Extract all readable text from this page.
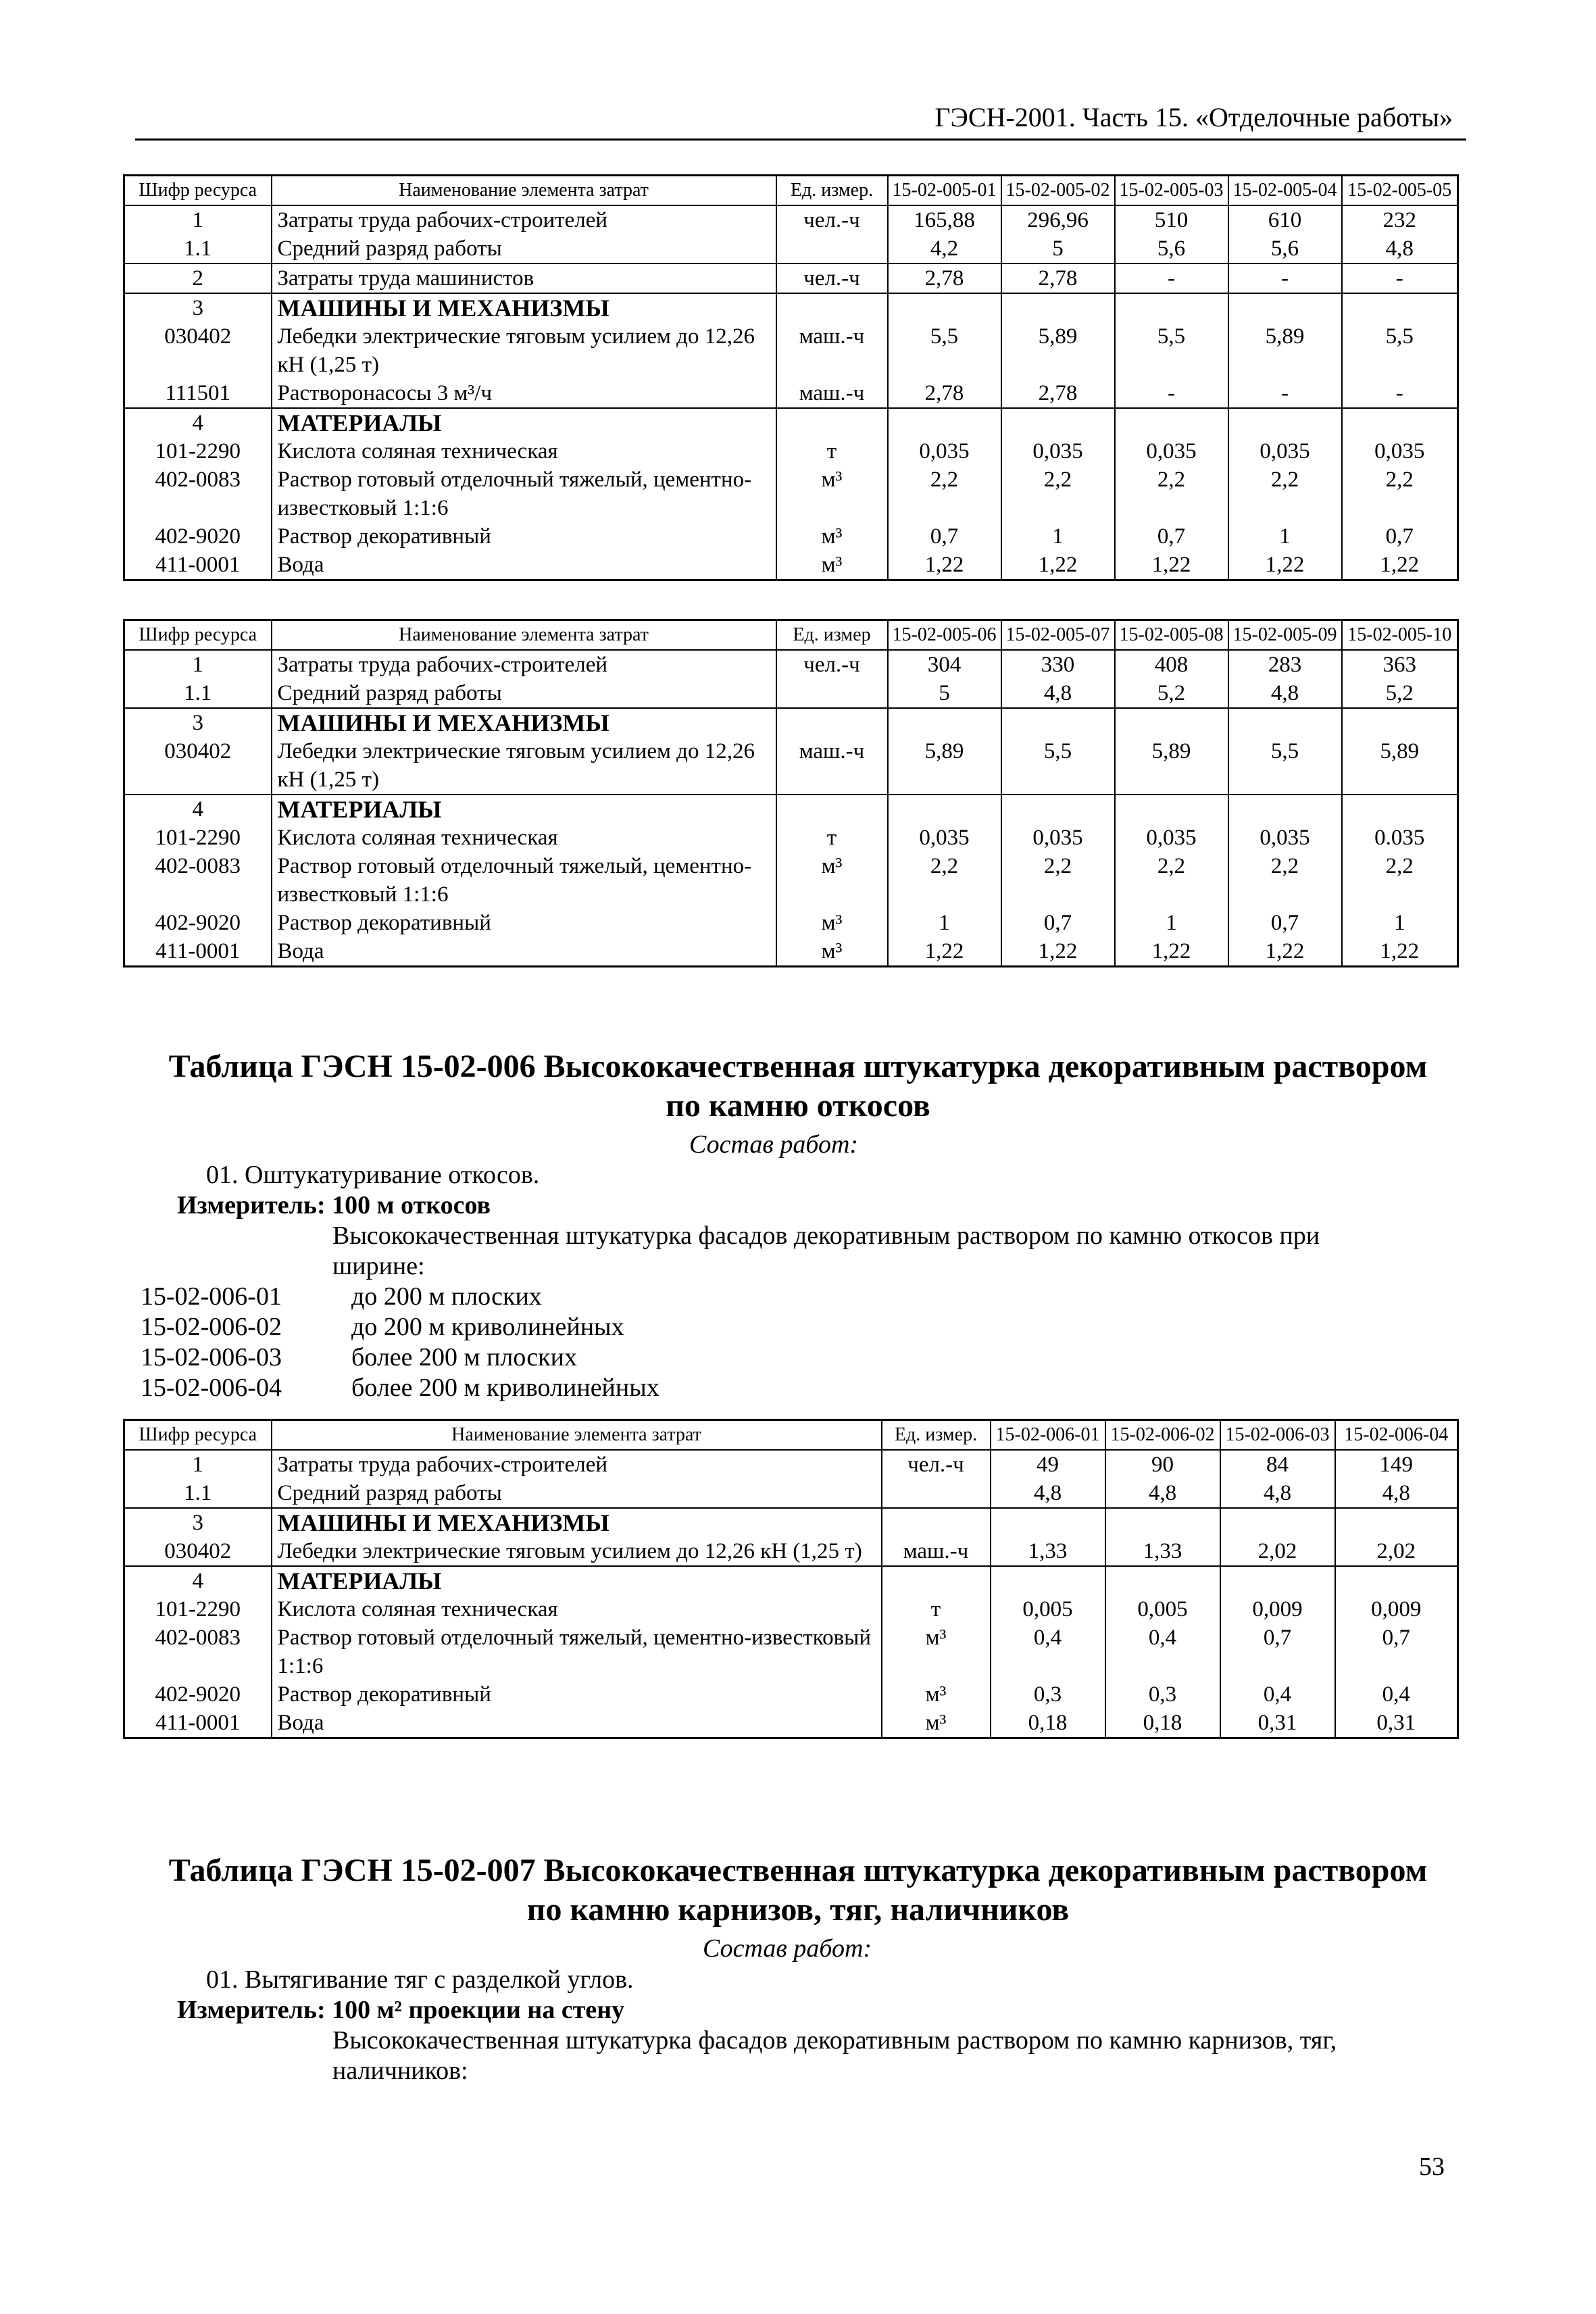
ГЭСН-2001. Часть 15. «Отделочные работы»
Шифр ресурса	Наименование элемента затрат	Ед. измер.	15-02-005-01	15-02-005-02	15-02-005-03	15-02-005-04	15-02-005-05
1	Затраты труда рабочих-строителей	чел.-ч	165,88	296,96	510	610	232
1.1	Средний разряд работы		4,2	5	5,6	5,6	4,8
2	Затраты труда машинистов	чел.-ч	2,78	2,78	-	-	-
3	МАШИНЫ И МЕХАНИЗМЫ						
030402	Лебедки электрические тяговым усилием до 12,26 кН (1,25 т)	маш.-ч	5,5	5,89	5,5	5,89	5,5
111501	Растворонасосы 3 м³/ч	маш.-ч	2,78	2,78	-	-	-
4	МАТЕРИАЛЫ						
101-2290	Кислота соляная техническая	т	0,035	0,035	0,035	0,035	0,035
402-0083	Раствор готовый отделочный тяжелый, цементно-известковый 1:1:6	м³	2,2	2,2	2,2	2,2	2,2
402-9020	Раствор декоративный	м³	0,7	1	0,7	1	0,7
411-0001	Вода	м³	1,22	1,22	1,22	1,22	1,22
Шифр ресурса	Наименование элемента затрат	Ед. измер	15-02-005-06	15-02-005-07	15-02-005-08	15-02-005-09	15-02-005-10
1	Затраты труда рабочих-строителей	чел.-ч	304	330	408	283	363
1.1	Средний разряд работы		5	4,8	5,2	4,8	5,2
3	МАШИНЫ И МЕХАНИЗМЫ						
030402	Лебедки электрические тяговым усилием до 12,26 кН (1,25 т)	маш.-ч	5,89	5,5	5,89	5,5	5,89
4	МАТЕРИАЛЫ						
101-2290	Кислота соляная техническая	т	0,035	0,035	0,035	0,035	0.035
402-0083	Раствор готовый отделочный тяжелый, цементно-известковый 1:1:6	м³	2,2	2,2	2,2	2,2	2,2
402-9020	Раствор декоративный	м³	1	0,7	1	0,7	1
411-0001	Вода	м³	1,22	1,22	1,22	1,22	1,22
Таблица ГЭСН 15-02-006 Высококачественная штукатурка декоративным раствором
по камню откосов
Состав работ:
01. Оштукатуривание откосов.
Измеритель: 100 м откосов
Высококачественная штукатурка фасадов декоративным раствором по камню откосов при
ширине:
15-02-006-01	до 200 м плоских
15-02-006-02	до 200 м криволинейных
15-02-006-03	более 200 м плоских
15-02-006-04	более 200 м криволинейных
Шифр ресурса	Наименование элемента затрат	Ед. измер.	15-02-006-01	15-02-006-02	15-02-006-03	15-02-006-04
1	Затраты труда рабочих-строителей	чел.-ч	49	90	84	149
1.1	Средний разряд работы		4,8	4,8	4,8	4,8
3	МАШИНЫ И МЕХАНИЗМЫ					
030402	Лебедки электрические тяговым усилием до 12,26 кН (1,25 т)	маш.-ч	1,33	1,33	2,02	2,02
4	МАТЕРИАЛЫ					
101-2290	Кислота соляная техническая	т	0,005	0,005	0,009	0,009
402-0083	Раствор готовый отделочный тяжелый, цементно-известковый 1:1:6	м³	0,4	0,4	0,7	0,7
402-9020	Раствор декоративный	м³	0,3	0,3	0,4	0,4
411-0001	Вода	м³	0,18	0,18	0,31	0,31
Таблица ГЭСН 15-02-007 Высококачественная штукатурка декоративным раствором
по камню карнизов, тяг, наличников
Состав работ:
01. Вытягивание тяг с разделкой углов.
Измеритель: 100 м² проекции на стену
Высококачественная штукатурка фасадов декоративным раствором по камню карнизов, тяг,
наличников:
53
